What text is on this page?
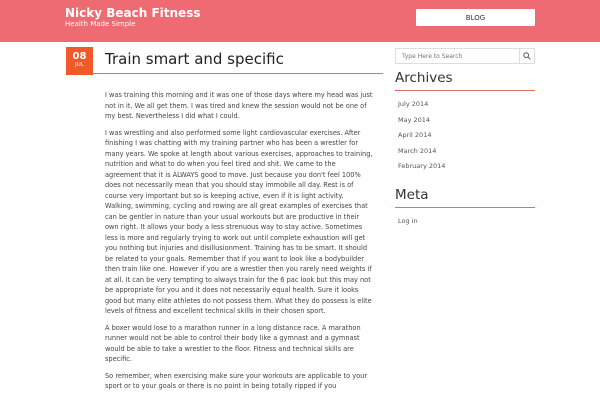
Nicky Beach Fitness
Health Made Simple
BLOG
08
JUL	Train smart and specific

I was training this morning and it was one of those days where my head was just not in it. We all get them. I was tired and knew the session would not be one of my best. Nevertheless I did what I could.

I was wrestling and also performed some light cardiovascular exercises. After finishing I was chatting with my training partner who has been a wrestler for many years. We spoke at length about various exercises, approaches to training, nutrition and what to do when you feel tired and shit. We came to the agreement that it is ALWAYS good to move. Just because you don't feel 100% does not necessarily mean that you should stay immobile all day. Rest is of course very important but so is keeping active, even if it is light activity. Walking, swimming, cycling and rowing are all great examples of exercises that can be gentler in nature than your usual workouts but are productive in their own right. It allows your body a less strenuous way to stay active. Sometimes less is more and regularly trying to work out until complete exhaustion will get you nothing but injuries and disillusionment. Training has to be smart. It should be related to your goals. Remember that if you want to look like a bodybuilder then train like one. However if you are a wrestler then you rarely need weights if at all. It can be very tempting to always train for the 6 pac look but this may not be appropriate for you and it does not necessarily equal health. Sure it looks good but many elite athletes do not possess them. What they do possess is elite levels of fitness and excellent technical skills in their chosen sport.

A boxer would lose to a marathon runner in a long distance race. A marathon runner would not be able to control their body like a gymnast and a gymnast would be able to take a wrestler to the floor. Fitness and technical skills are specific.

So remember, when exercising make sure your workouts are applicable to your sport or to your goals or there is no point in being totally ripped if you

Type Here to Search
Archives
July 2014
May 2014
April 2014
March 2014
February 2014
Meta
Log in
